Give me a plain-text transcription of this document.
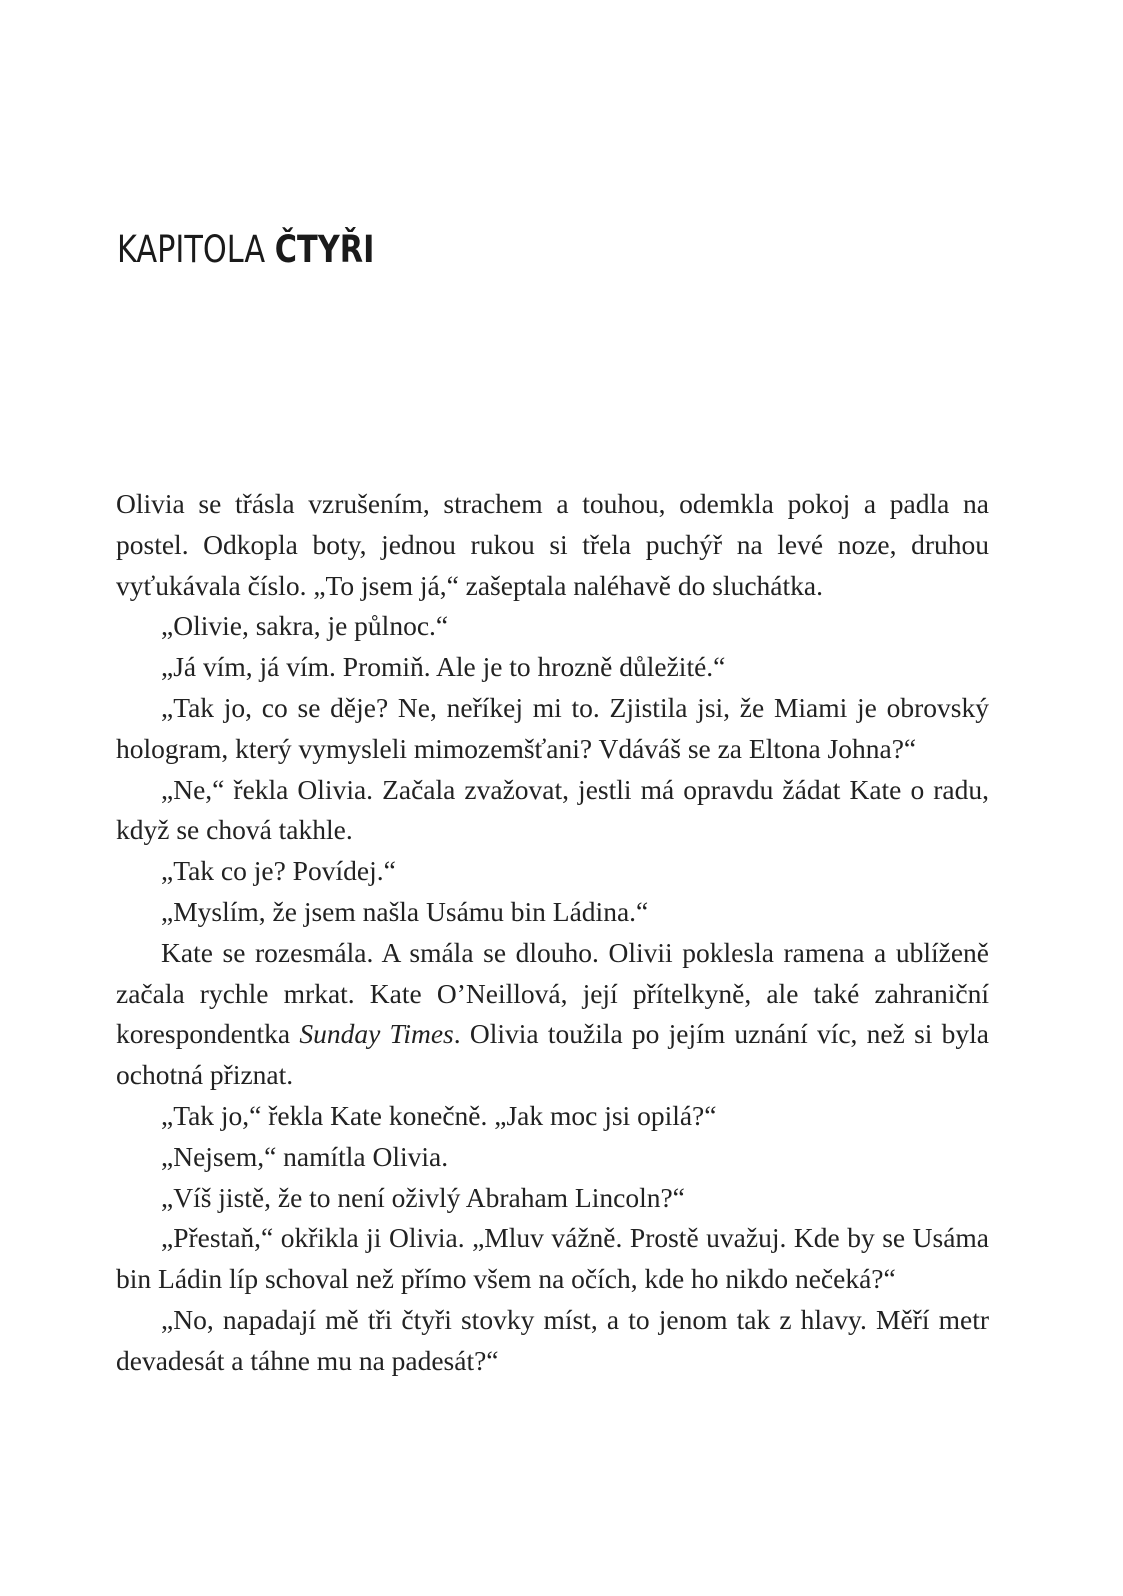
KAPITOLA ČTYŘI

Olivia se třásla vzrušením, strachem a touhou, odemkla pokoj a padla na postel. Odkopla boty, jednou rukou si třela puchýř na levé noze, druhou vyťukávala číslo. „To jsem já,“ zašeptala naléhavě do sluchátka.

„Olivie, sakra, je půlnoc.“

„Já vím, já vím. Promiň. Ale je to hrozně důležité.“

„Tak jo, co se děje? Ne, neříkej mi to. Zjistila jsi, že Miami je obrovský hologram, který vymysleli mimozemšťani? Vdáváš se za Eltona Johna?“

„Ne,“ řekla Olivia. Začala zvažovat, jestli má opravdu žádat Kate o radu, když se chová takhle.

„Tak co je? Povídej.“

„Myslím, že jsem našla Usámu bin Ládina.“

Kate se rozesmála. A smála se dlouho. Olivii poklesla ramena a ublíženě začala rychle mrkat. Kate O’Neillová, její přítelkyně, ale také zahraniční korespondentka Sunday Times. Olivia toužila po jejím uznání víc, než si byla ochotná přiznat.

„Tak jo,“ řekla Kate konečně. „Jak moc jsi opilá?“

„Nejsem,“ namítla Olivia.

„Víš jistě, že to není oživlý Abraham Lincoln?“

„Přestaň,“ okřikla ji Olivia. „Mluv vážně. Prostě uvažuj. Kde by se Usáma bin Ládin líp schoval než přímo všem na očích, kde ho nikdo nečeká?“

„No, napadají mě tři čtyři stovky míst, a to jenom tak z hlavy. Měří metr devadesát a táhne mu na padesát?“
